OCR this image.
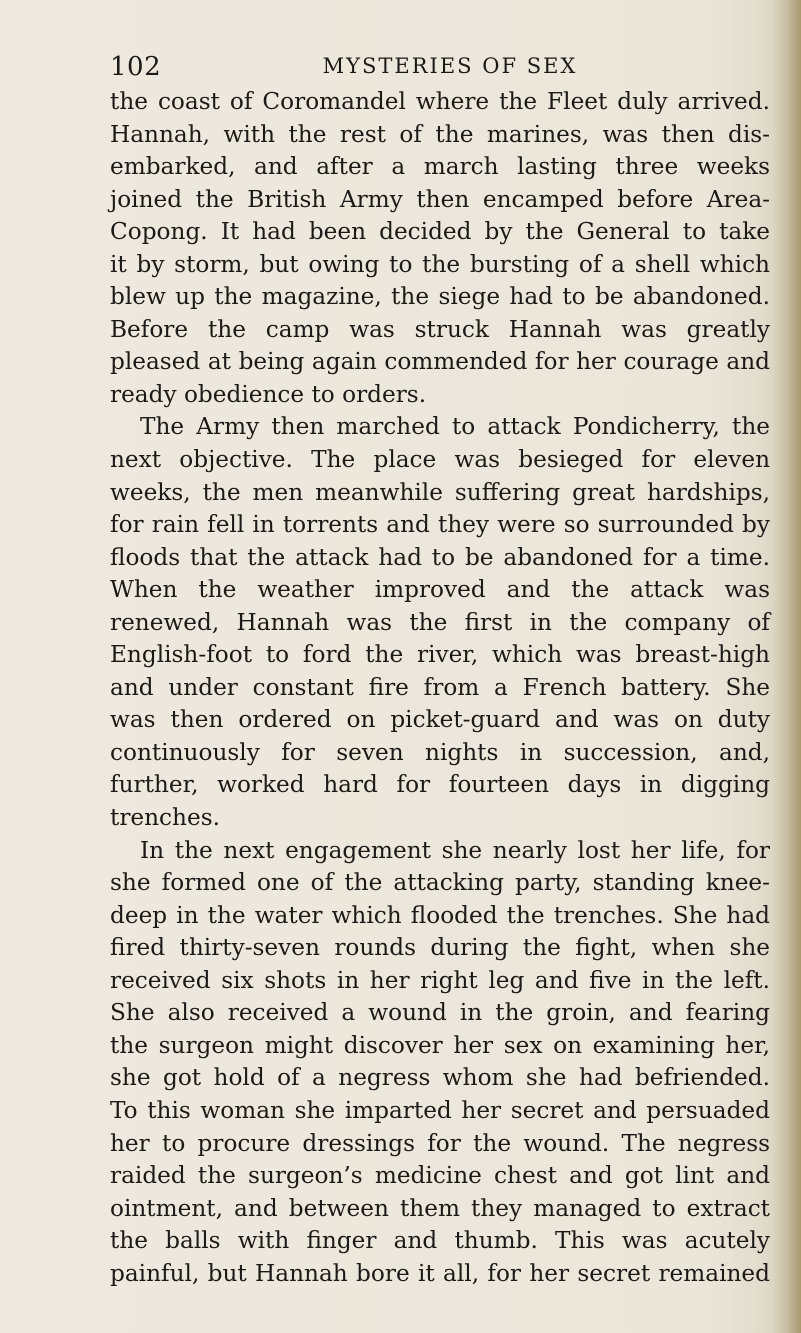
102	MYSTERIES OF SEX
the coast of Coromandel where the Fleet duly arrived.
Hannah, with the rest of the marines, was then dis-
embarked, and after a march lasting three weeks
joined the British Army then encamped before Area-
Copong. It had been decided by the General to take
it by storm, but owing to the bursting of a shell which
blew up the magazine, the siege had to be abandoned.
Before the camp was struck Hannah was greatly
pleased at being again commended for her courage and
ready obedience to orders.
The Army then marched to attack Pondicherry, the
next objective. The place was besieged for eleven
weeks, the men meanwhile suffering great hardships,
for rain fell in torrents and they were so surrounded by
floods that the attack had to be abandoned for a time.
When the weather improved and the attack was
renewed, Hannah was the first in the company of
English-foot to ford the river, which was breast-high
and under constant fire from a French battery. She
was then ordered on picket-guard and was on duty
continuously for seven nights in succession, and,
further, worked hard for fourteen days in digging
trenches.
In the next engagement she nearly lost her life, for
she formed one of the attacking party, standing knee-
deep in the water which flooded the trenches. She had
fired thirty-seven rounds during the fight, when she
received six shots in her right leg and five in the left.
She also received a wound in the groin, and fearing
the surgeon might discover her sex on examining her,
she got hold of a negress whom she had befriended.
To this woman she imparted her secret and persuaded
her to procure dressings for the wound. The negress
raided the surgeon’s medicine chest and got lint and
ointment, and between them they managed to extract
the balls with finger and thumb. This was acutely
painful, but Hannah bore it all, for her secret remained
